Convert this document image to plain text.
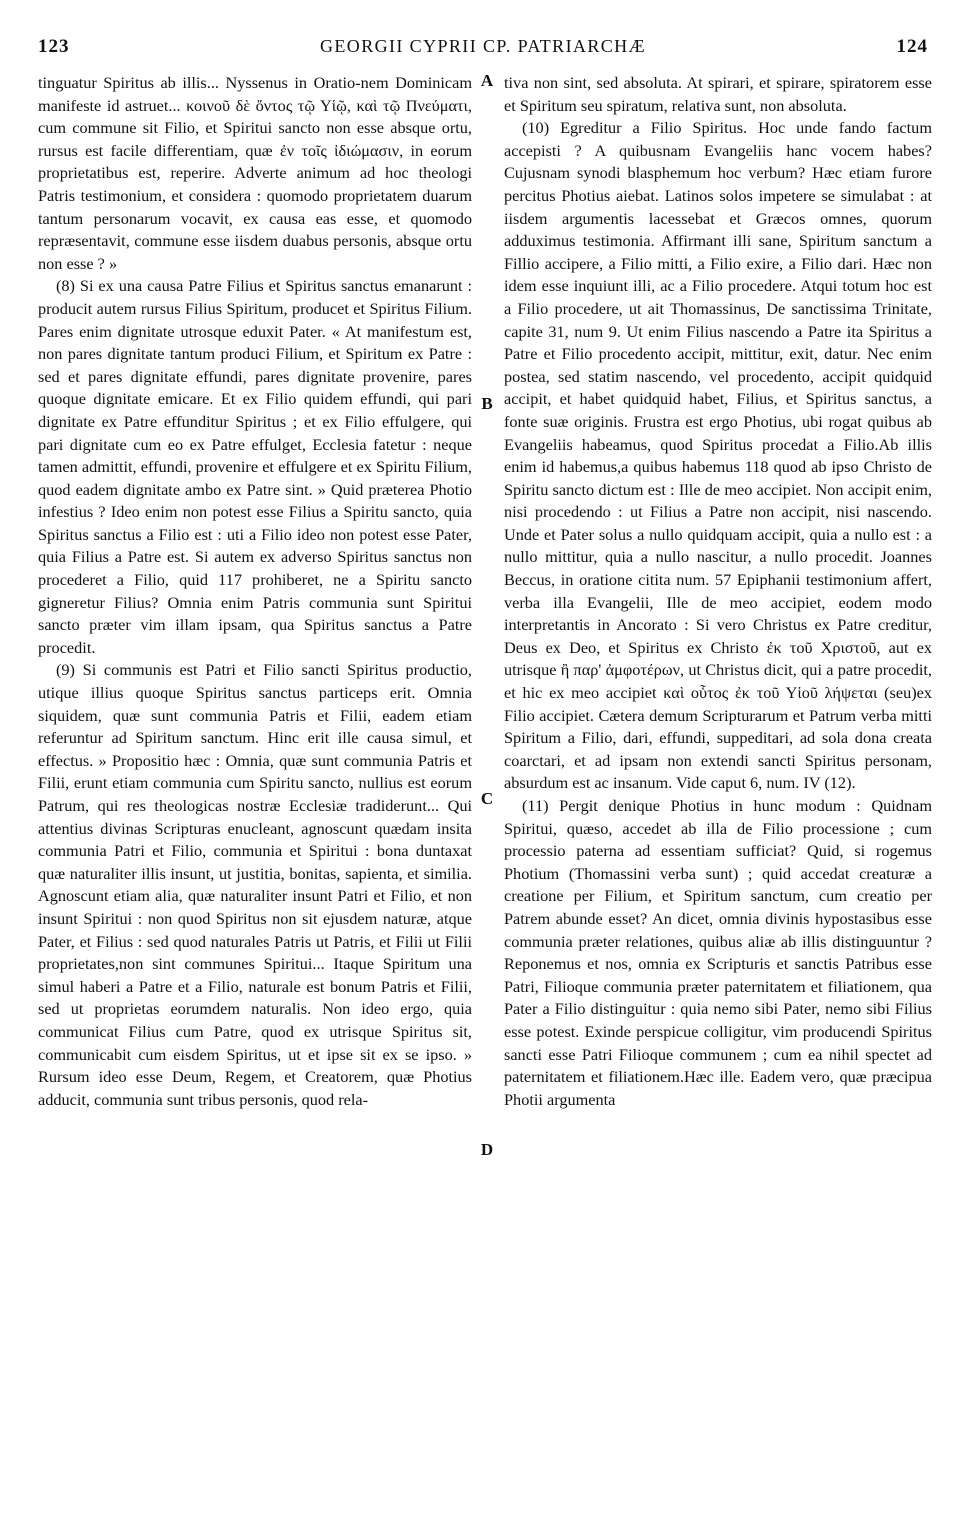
123	GEORGII CYPRII CP. PATRIARCHÆ	124

tinguatur Spiritus ab illis... Nyssenus in Oratio-nem Dominicam manifeste id astruet... κοινοῦ δὲ ὄντος τῷ Υἱῷ, καὶ τῷ Πνεύματι, cum commune sit Filio, et Spiritui sancto non esse absque ortu, rursus est facile differentiam, quæ ἐν τοῖς ἰδιώμασιν, in eorum proprietatibus est, reperire. Adverte animum ad hoc theologi Patris testimonium, et considera : quomodo proprietatem duarum tantum personarum vocavit, ex causa eas esse, et quomodo repræsentavit, commune esse iisdem duabus personis, absque ortu non esse ? »

(8) Si ex una causa Patre Filius et Spiritus sanctus emanarunt : producit autem rursus Filius Spiritum, producet et Spiritus Filium. Pares enim dignitate utrosque eduxit Pater. « At manifestum est, non pares dignitate tantum produci Filium, et Spiritum ex Patre : sed et pares dignitate effundi, pares dignitate provenire, pares quoque dignitate emicare. Et ex Filio quidem effundi, qui pari dignitate ex Patre effunditur Spiritus ; et ex Filio effulgere, qui pari dignitate cum eo ex Patre effulget, Ecclesia fatetur : neque tamen admittit, effundi, provenire et effulgere et ex Spiritu Filium, quod eadem dignitate ambo ex Patre sint. » Quid præterea Photio infestius ? Ideo enim non potest esse Filius a Spiritu sancto, quia Spiritus sanctus a Filio est : uti a Filio ideo non potest esse Pater, quia Filius a Patre est. Si autem ex adverso Spiritus sanctus non procederet a Filio, quid 117 prohiberet, ne a Spiritu sancto gigneretur Filius? Omnia enim Patris communia sunt Spiritui sancto præter vim illam ipsam, qua Spiritus sanctus a Patre procedit.

(9) Si communis est Patri et Filio sancti Spiritus productio, utique illius quoque Spiritus sanctus particeps erit. Omnia siquidem, quæ sunt communia Patris et Filii, eadem etiam referuntur ad Spiritum sanctum. Hinc erit ille causa simul, et effectus. » Propositio hæc : Omnia, quæ sunt communia Patris et Filii, erunt etiam communia cum Spiritu sancto, nullius est eorum Patrum, qui res theologicas nostræ Ecclesiæ tradiderunt... Qui attentius divinas Scripturas enucleant, agnoscunt quædam insita communia Patri et Filio, communia et Spiritui : bona duntaxat quæ naturaliter illis insunt, ut justitia, bonitas, sapienta, et similia. Agnoscunt etiam alia, quæ naturaliter insunt Patri et Filio, et non insunt Spiritui : non quod Spiritus non sit ejusdem naturæ, atque Pater, et Filius : sed quod naturales Patris ut Patris, et Filii ut Filii proprietates,non sint communes Spiritui... Itaque Spiritum una simul haberi a Patre et a Filio, naturale est bonum Patris et Filii, sed ut proprietas eorumdem naturalis. Non ideo ergo, quia communicat Filius cum Patre, quod ex utrisque Spiritus sit, communicabit cum eisdem Spiritus, ut et ipse sit ex se ipso. » Rursum ideo esse Deum, Regem, et Creatorem, quæ Photius adducit, communia sunt tribus personis, quod rela-

A
B
C
D

tiva non sint, sed absoluta. At spirari, et spirare, spiratorem esse et Spiritum seu spiratum, relativa sunt, non absoluta.

(10) Egreditur a Filio Spiritus. Hoc unde fando factum accepisti ? A quibusnam Evangeliis hanc vocem habes? Cujusnam synodi blasphemum hoc verbum? Hæc etiam furore percitus Photius aiebat. Latinos solos impetere se simulabat : at iisdem argumentis lacessebat et Græcos omnes, quorum adduximus testimonia. Affirmant illi sane, Spiritum sanctum a Fillio accipere, a Filio mitti, a Filio exire, a Filio dari. Hæc non idem esse inquiunt illi, ac a Filio procedere. Atqui totum hoc est a Filio procedere, ut ait Thomassinus, De sanctissima Trinitate, capite 31, num 9. Ut enim Filius nascendo a Patre ita Spiritus a Patre et Filio procedento accipit, mittitur, exit, datur. Nec enim postea, sed statim nascendo, vel procedento, accipit quidquid accipit, et habet quidquid habet, Filius, et Spiritus sanctus, a fonte suæ originis. Frustra est ergo Photius, ubi rogat quibus ab Evangeliis habeamus, quod Spiritus procedat a Filio.Ab illis enim id habemus,a quibus habemus 118 quod ab ipso Christo de Spiritu sancto dictum est : Ille de meo accipiet. Non accipit enim, nisi procedendo : ut Filius a Patre non accipit, nisi nascendo. Unde et Pater solus a nullo quidquam accipit, quia a nullo est : a nullo mittitur, quia a nullo nascitur, a nullo procedit. Joannes Beccus, in oratione citita num. 57 Epiphanii testimonium affert, verba illa Evangelii, Ille de meo accipiet, eodem modo interpretantis in Ancorato : Si vero Christus ex Patre creditur, Deus ex Deo, et Spiritus ex Christo ἐκ τοῦ Χριστοῦ, aut ex utrisque ἢ παρ' ἀμφοτέρων, ut Christus dicit, qui a patre procedit, et hic ex meo accipiet καὶ οὗτος ἐκ τοῦ Υἱοῦ λήψεται (seu)ex Filio accipiet. Cætera demum Scripturarum et Patrum verba mitti Spiritum a Filio, dari, effundi, suppeditari, ad sola dona creata coarctari, et ad ipsam non extendi sancti Spiritus personam, absurdum est ac insanum. Vide caput 6, num. IV (12).

(11) Pergit denique Photius in hunc modum : Quidnam Spiritui, quæso, accedet ab illa de Filio processione ; cum processio paterna ad essentiam sufficiat? Quid, si rogemus Photium (Thomassini verba sunt) ; quid accedat creaturæ a creatione per Filium, et Spiritum sanctum, cum creatio per Patrem abunde esset? An dicet, omnia divinis hypostasibus esse communia præter relationes, quibus aliæ ab illis distinguuntur ? Reponemus et nos, omnia ex Scripturis et sanctis Patribus esse Patri, Filioque communia præter paternitatem et filiationem, qua Pater a Filio distinguitur : quia nemo sibi Pater, nemo sibi Filius esse potest. Exinde perspicue colligitur, vim producendi Spiritus sancti esse Patri Filioque communem ; cum ea nihil spectet ad paternitatem et filiationem.Hæc ille. Eadem vero, quæ præcipua Photii argumenta
